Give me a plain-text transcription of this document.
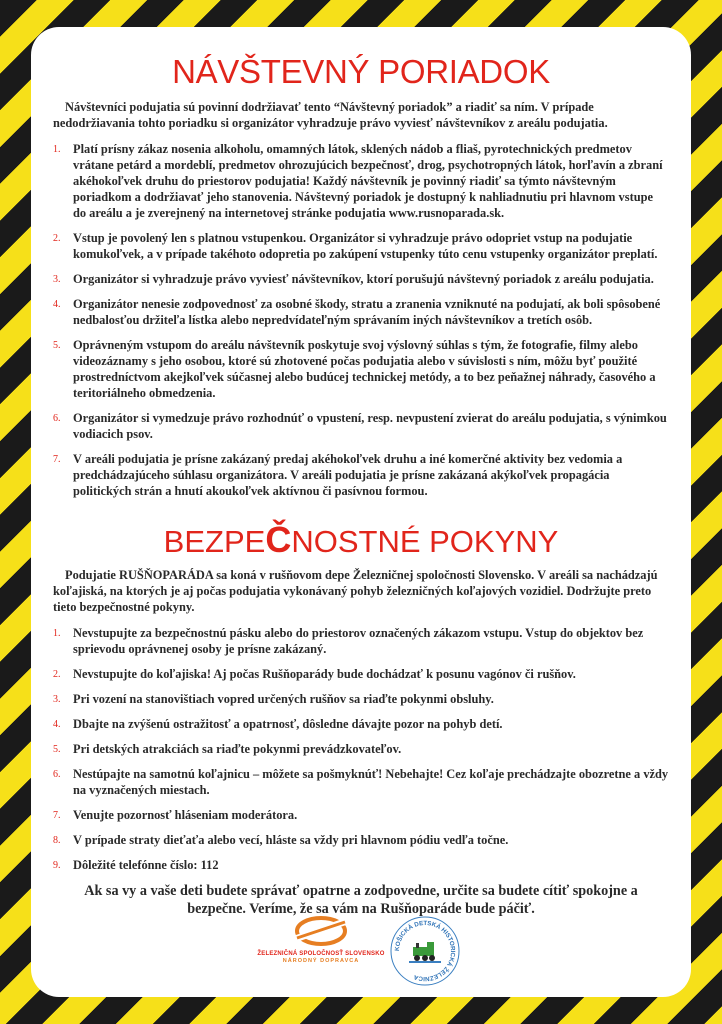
NÁVŠTEVNÝ PORIADOK

Návštevníci podujatia sú povinní dodržiavať tento “Návštevný poriadok” a riadiť sa ním. V prípade nedodržiavania tohto poriadku si organizátor vyhradzuje právo vyviesť návštevníkov z areálu podujatia.

1. Platí prísny zákaz nosenia alkoholu, omamných látok, sklených nádob a fliaš, pyrotechnických predmetov vrátane petárd a mordeblí, predmetov ohrozujúcich bezpečnosť, drog, psychotropných látok, horľavín a zbraní akéhokoľvek druhu do priestorov podujatia! Každý návštevník je povinný riadiť sa týmto návštevným poriadkom a dodržiavať jeho stanovenia. Návštevný poriadok je dostupný k nahliadnutiu pri hlavnom vstupe do areálu a je zverejnený na internetovej stránke podujatia www.rusnoparada.sk.
2. Vstup je povolený len s platnou vstupenkou. Organizátor si vyhradzuje právo odopriet vstup na podujatie komukoľvek, a v prípade takéhoto odopretia po zakúpení vstupenky túto cenu vstupenky organizátor preplatí.
3. Organizátor si vyhradzuje právo vyviesť návštevníkov, ktorí porušujú návštevný poriadok z areálu podujatia.
4. Organizátor nenesie zodpovednosť za osobné škody, stratu a zranenia vzniknuté na podujatí, ak boli spôsobené nedbalosťou držiteľa lístka alebo nepredvídateľným správaním iných návštevníkov a tretích osôb.
5. Oprávneným vstupom do areálu návštevník poskytuje svoj výslovný súhlas s tým, že fotografie, filmy alebo videozáznamy s jeho osobou, ktoré sú zhotovené počas podujatia alebo v súvislosti s ním, môžu byť použité prostredníctvom akejkoľvek súčasnej alebo budúcej technickej metódy, a to bez peňažnej náhrady, časového a teritoriálneho obmedzenia.
6. Organizátor si vymedzuje právo rozhodnúť o vpustení, resp. nevpustení zvierat do areálu podujatia, s výnimkou vodiacich psov.
7. V areáli podujatia je prísne zakázaný predaj akéhokoľvek druhu a iné komerčné aktivity bez vedomia a predchádzajúceho súhlasu organizátora. V areáli podujatia je prísne zakázaná akýkoľvek propagácia politických strán a hnutí akoukoľvek aktívnou či pasívnou formou.
BEZPEČNOSTNÉ POKYNY

Podujatie RUŠŇOPARÁDA sa koná v rušňovom depe Železničnej spoločnosti Slovensko. V areáli sa nachádzajú koľajiská, na ktorých je aj počas podujatia vykonávaný pohyb železničných koľajových vozidiel. Dodržujte preto tieto bezpečnostné pokyny.

1. Nevstupujte za bezpečnostnú pásku alebo do priestorov označených zákazom vstupu. Vstup do objektov bez sprievodu oprávnenej osoby je prísne zakázaný.
2. Nevstupujte do koľajiska! Aj počas Rušňoparády bude dochádzať k posunu vagónov či rušňov.
3. Pri vození na stanovištiach vopred určených rušňov sa riaďte pokynmi obsluhy.
4. Dbajte na zvýšenú ostražitosť a opatrnosť, dôsledne dávajte pozor na pohyb detí.
5. Pri detských atrakciách sa riaďte pokynmi prevádzkovateľov.
6. Nestúpajte na samotnú koľajnicu – môžete sa pošmyknúť! Nebehajte! Cez koľaje prechádzajte obozretne a vždy na vyznačených miestach.
7. Venujte pozornosť hláseniam moderátora.
8. V prípade straty dieťaťa alebo vecí, hláste sa vždy pri hlavnom pódiu vedľa točne.
9. Dôležité telefónne číslo: 112

Ak sa vy a vaše deti budete správať opatrne a zodpovedne, určite sa budete cítiť spokojne a bezpečne. Veríme, že sa vám na Rušňoparáde bude páčiť.

ŽELEZNIČNÁ SPOLOČNOSŤ SLOVENSKO
NÁRODNÝ DOPRAVCA
KOŠICKÁ DETSKÁ HISTORICKÁ ŽELEZNICA
